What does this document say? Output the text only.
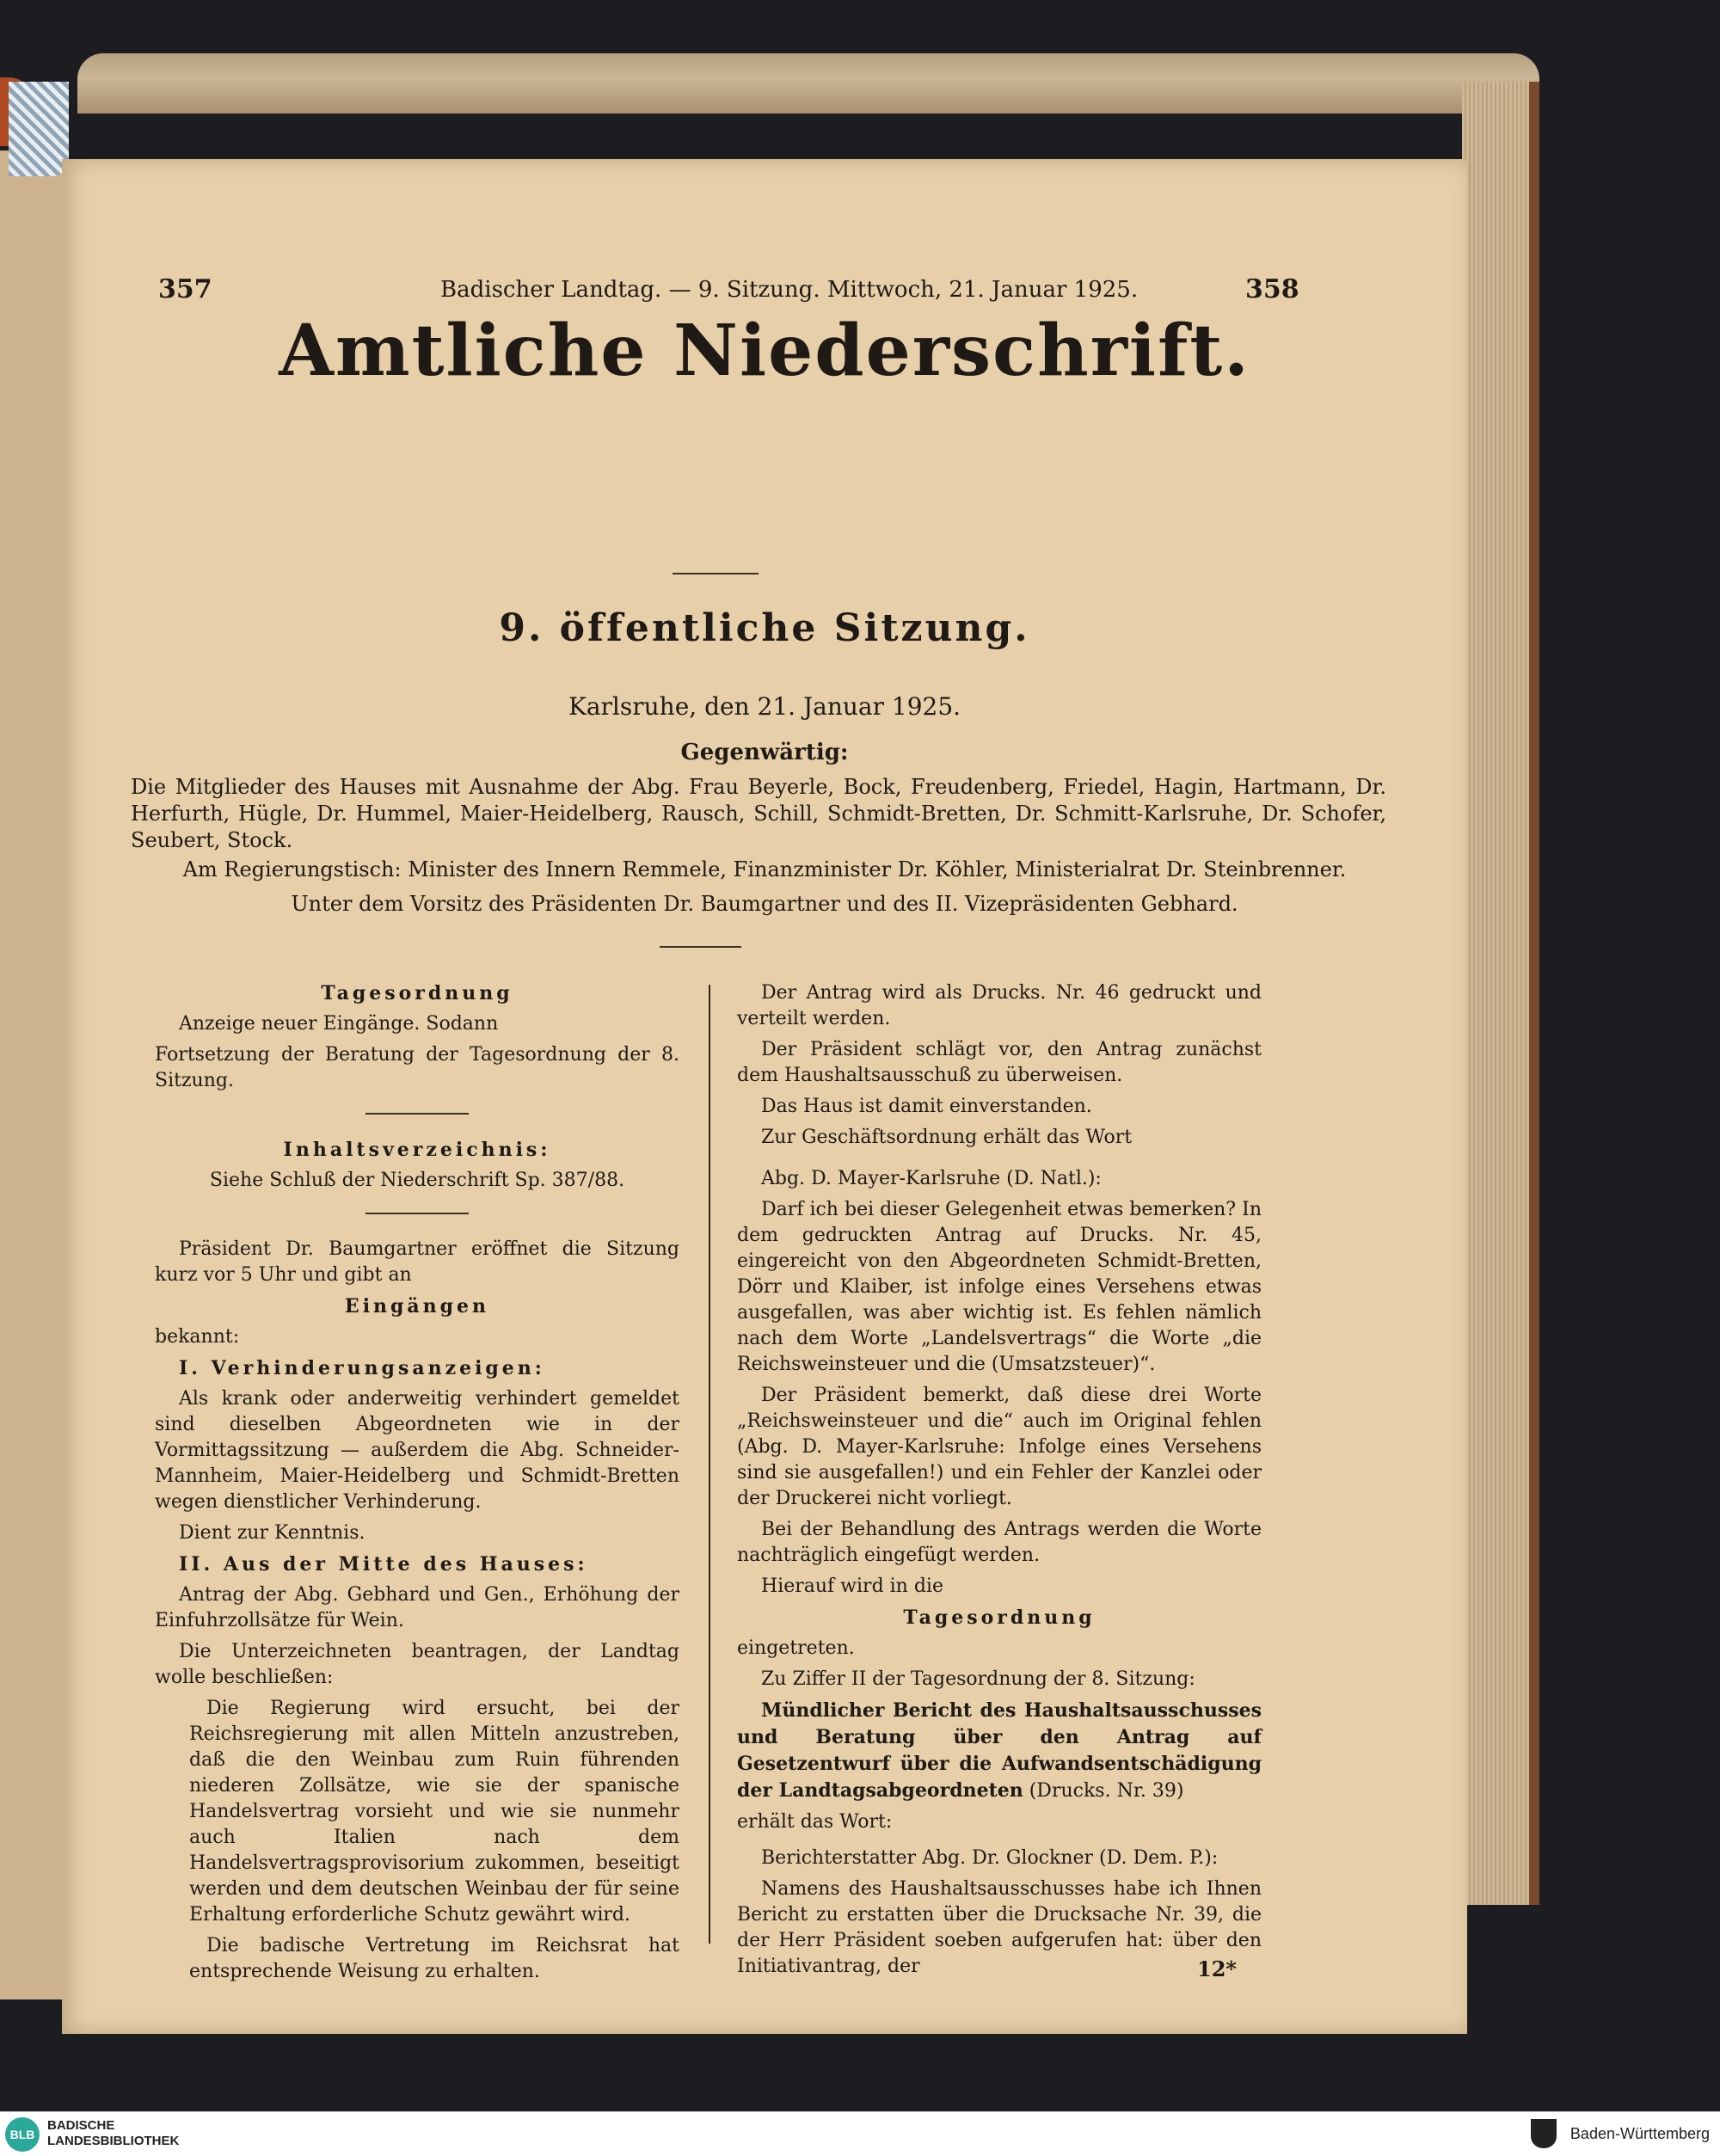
357	Badischer Landtag. — 9. Sitzung. Mittwoch, 21. Januar 1925.	358
Amtliche Niederschrift.
9. öffentliche Sitzung.
Karlsruhe, den 21. Januar 1925.
Gegenwärtig:
Die Mitglieder des Hauses mit Ausnahme der Abg. Frau Beyerle, Bock, Freudenberg, Friedel, Hagin, Hartmann, Dr. Herfurth, Hügle, Dr. Hummel, Maier-Heidelberg, Rausch, Schill, Schmidt-Bretten, Dr. Schmitt-Karlsruhe, Dr. Schofer, Seubert, Stock.
Am Regierungstisch: Minister des Innern Remmele, Finanzminister Dr. Köhler, Ministerialrat Dr. Steinbrenner.
Unter dem Vorsitz des Präsidenten Dr. Baumgartner und des II. Vizepräsidenten Gebhard.

Tagesordnung

Anzeige neuer Eingänge. Sodann

Fortsetzung der Beratung der Tagesordnung der 8. Sitzung.

Inhaltsverzeichnis:

Siehe Schluß der Niederschrift Sp. 387/88.

Präsident Dr. Baumgartner eröffnet die Sitzung kurz vor 5 Uhr und gibt an

Eingängen

bekannt:

I. Verhinderungsanzeigen:

Als krank oder anderweitig verhindert gemeldet sind dieselben Abgeordneten wie in der Vormittagssitzung — außerdem die Abg. Schneider-Mannheim, Maier-Heidelberg und Schmidt-Bretten wegen dienstlicher Verhinderung.

Dient zur Kenntnis.

II. Aus der Mitte des Hauses:

Antrag der Abg. Gebhard und Gen., Erhöhung der Einfuhrzollsätze für Wein.

Die Unterzeichneten beantragen, der Landtag wolle beschließen:

Die Regierung wird ersucht, bei der Reichsregierung mit allen Mitteln anzustreben, daß die den Weinbau zum Ruin führenden niederen Zollsätze, wie sie der spanische Handelsvertrag vorsieht und wie sie nunmehr auch Italien nach dem Handelsvertragsprovisorium zukommen, beseitigt werden und dem deutschen Weinbau der für seine Erhaltung erforderliche Schutz gewährt wird.

Die badische Vertretung im Reichsrat hat entsprechende Weisung zu erhalten.

Der Antrag wird als Drucks. Nr. 46 gedruckt und verteilt werden.

Der Präsident schlägt vor, den Antrag zunächst dem Haushaltsausschuß zu überweisen.

Das Haus ist damit einverstanden.

Zur Geschäftsordnung erhält das Wort

Abg. D. Mayer-Karlsruhe (D. Natl.):

Darf ich bei dieser Gelegenheit etwas bemerken? In dem gedruckten Antrag auf Drucks. Nr. 45, eingereicht von den Abgeordneten Schmidt-Bretten, Dörr und Klaiber, ist infolge eines Versehens etwas ausgefallen, was aber wichtig ist. Es fehlen nämlich nach dem Worte „Landelsvertrags“ die Worte „die Reichsweinsteuer und die (Umsatzsteuer)“.

Der Präsident bemerkt, daß diese drei Worte „Reichsweinsteuer und die“ auch im Original fehlen (Abg. D. Mayer-Karlsruhe: Infolge eines Versehens sind sie ausgefallen!) und ein Fehler der Kanzlei oder der Druckerei nicht vorliegt.

Bei der Behandlung des Antrags werden die Worte nachträglich eingefügt werden.

Hierauf wird in die

Tagesordnung

eingetreten.

Zu Ziffer II der Tagesordnung der 8. Sitzung:

Mündlicher Bericht des Haushaltsausschusses und Beratung über den Antrag auf Gesetzentwurf über die Aufwandsentschädigung der Landtagsabgeordneten (Drucks. Nr. 39)

erhält das Wort:

Berichterstatter Abg. Dr. Glockner (D. Dem. P.):

Namens des Haushaltsausschusses habe ich Ihnen Bericht zu erstatten über die Drucksache Nr. 39, die der Herr Präsident soeben aufgerufen hat: über den Initiativantrag, der	12*
BLB
BADISCHE
LANDESBIBLIOTHEK	Baden-Württemberg
